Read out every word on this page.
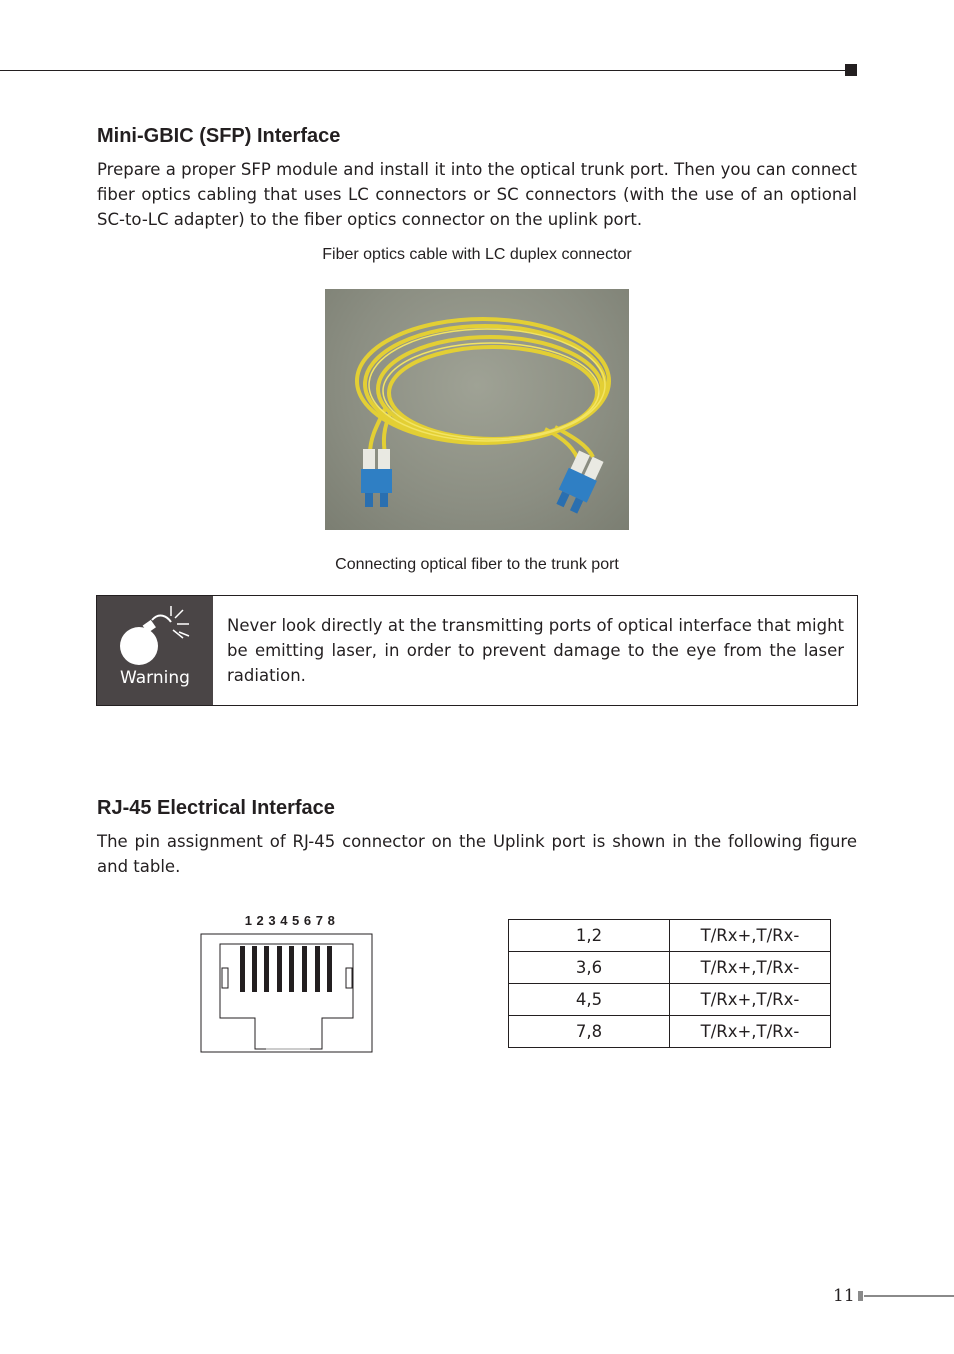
Mini-GBIC (SFP) Interface

Prepare a proper SFP module and install it into the optical trunk port. Then you can connect fiber optics cabling that uses LC connectors or SC connectors (with the use of an optional SC-to-LC adapter) to the fiber optics connector on the uplink port.

Fiber optics cable with LC duplex connector

Connecting optical fiber to the trunk port

Warning

Never look directly at the transmitting ports of optical interface that might be emitting laser, in order to prevent damage to the eye from the laser radiation.

RJ-45 Electrical Interface

The pin assignment of RJ-45 connector on the Uplink port is shown in the following figure and table.

1 2 3 4 5 6 7 8
1,2	T/Rx+,T/Rx-
3,6	T/Rx+,T/Rx-
4,5	T/Rx+,T/Rx-
7,8	T/Rx+,T/Rx-
11
